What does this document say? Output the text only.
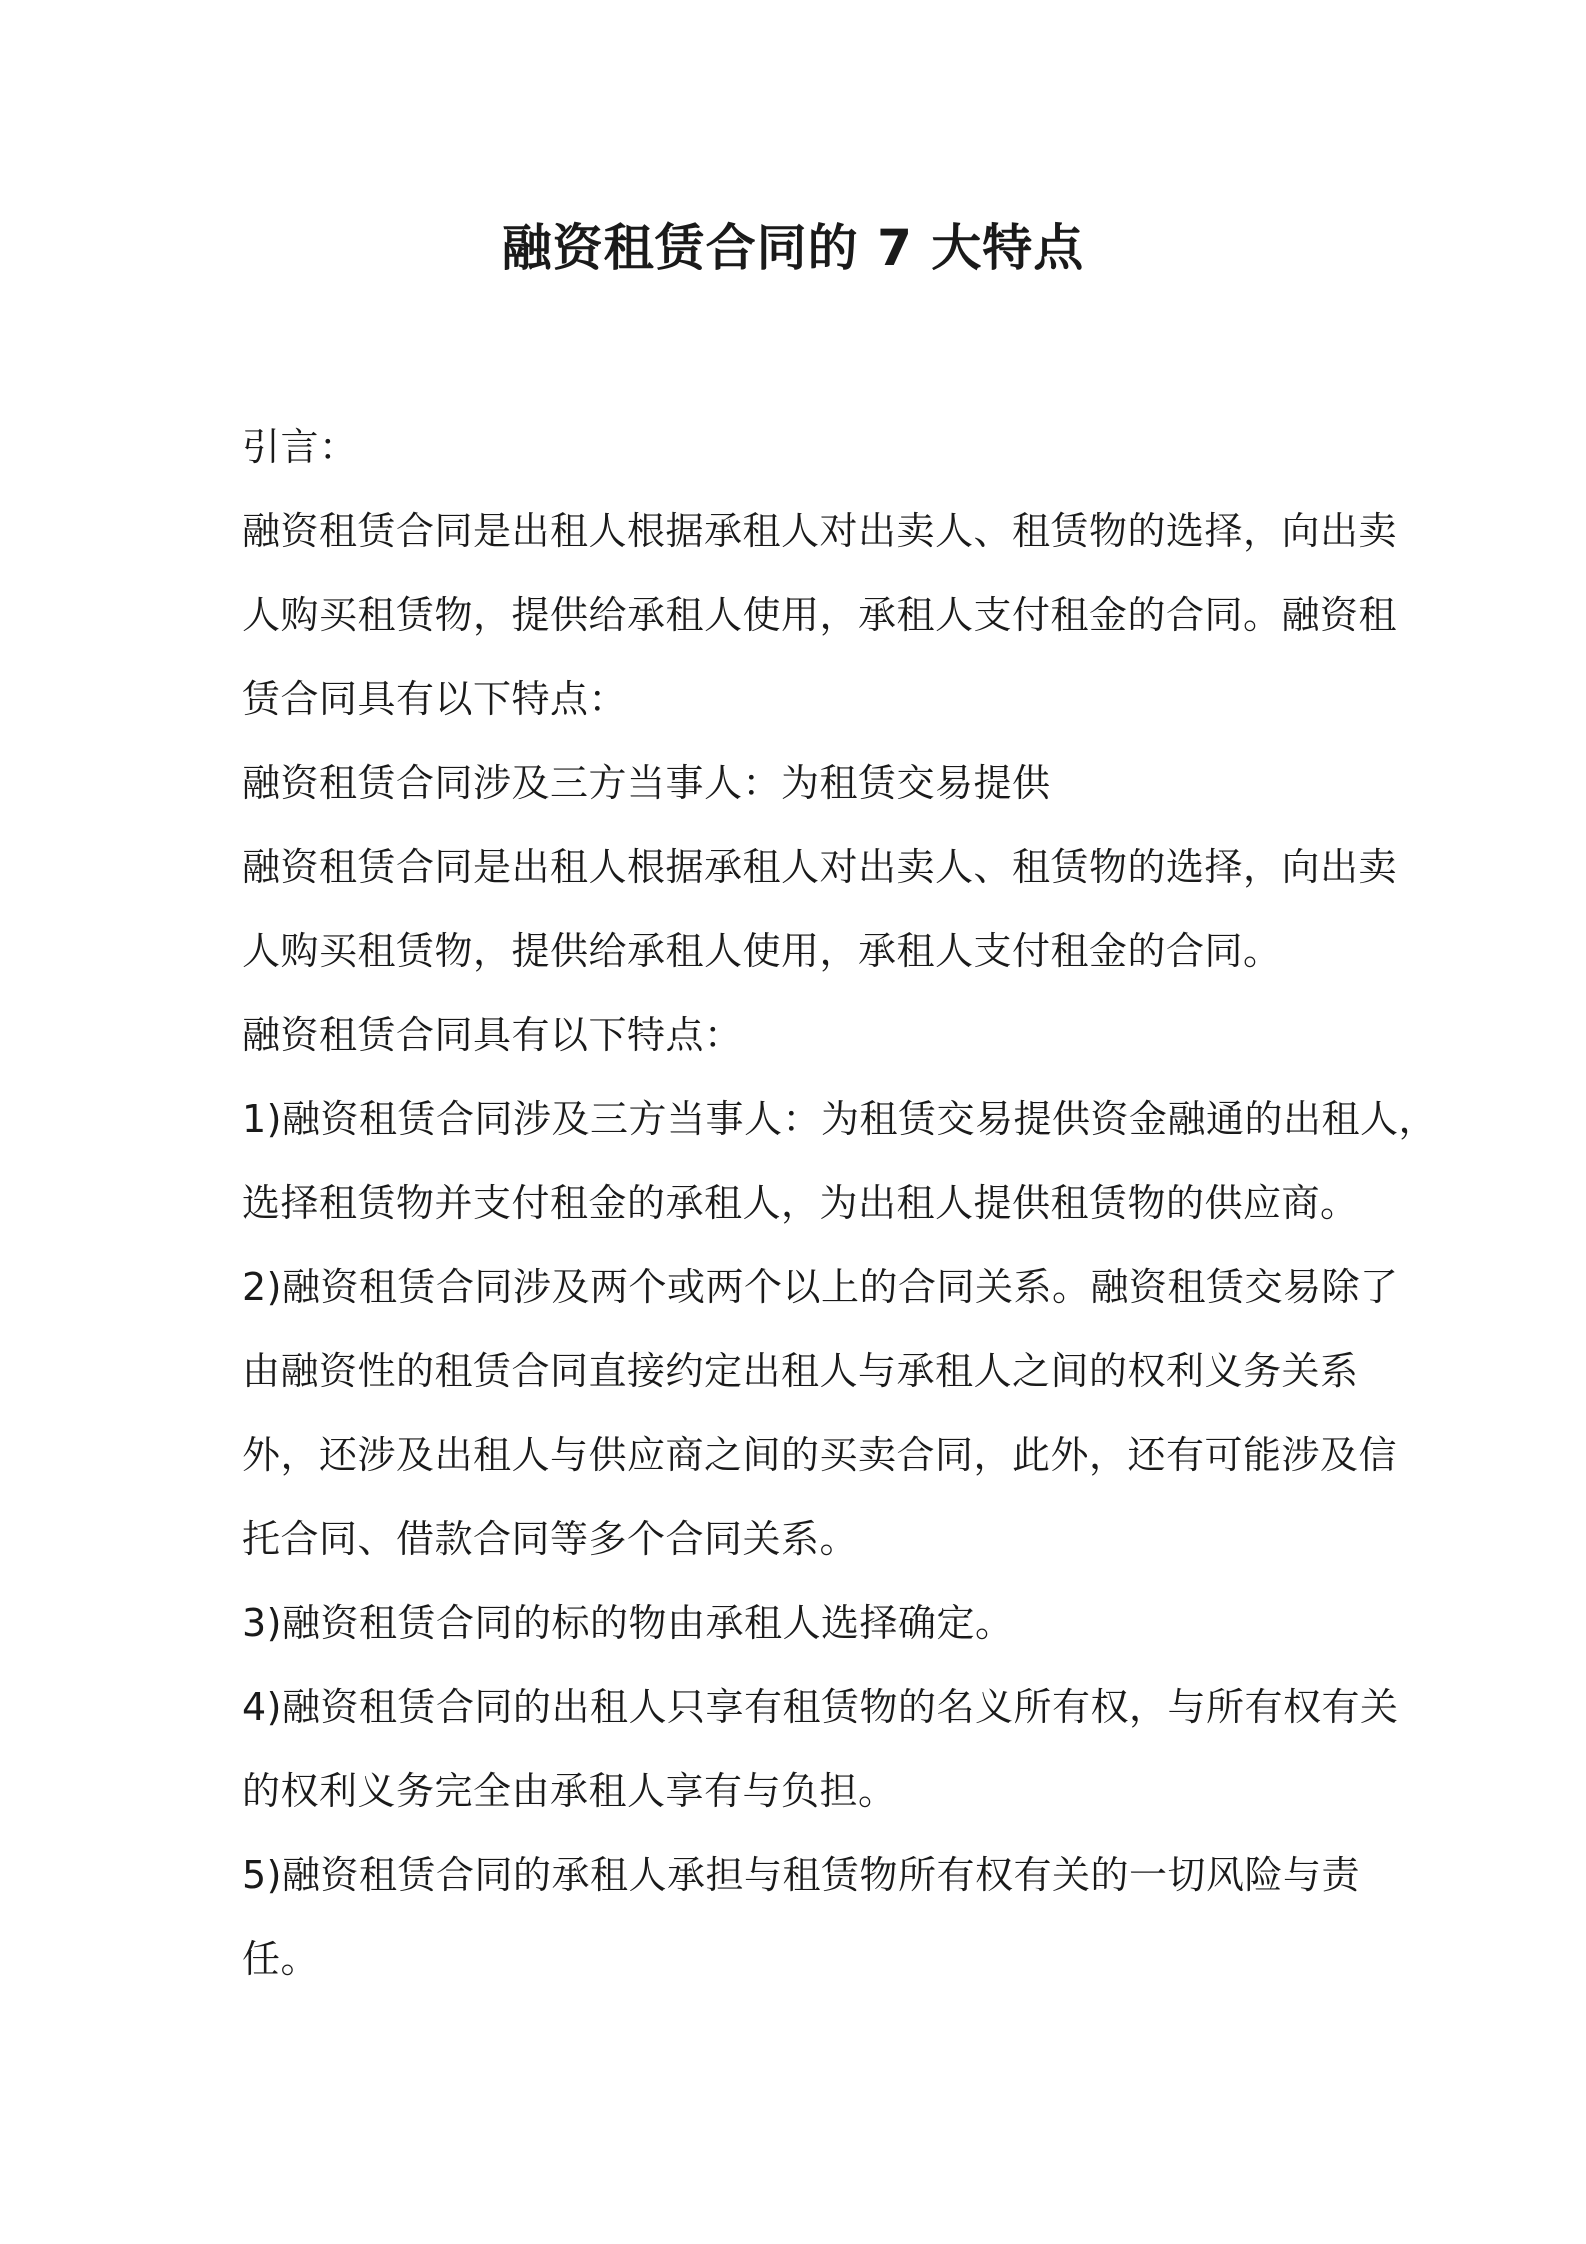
融资租赁合同的 7 大特点

引言：

融资租赁合同是出租人根据承租人对出卖人、租赁物的选择，向出卖
人购买租赁物，提供给承租人使用，承租人支付租金的合同。融资租
赁合同具有以下特点：

融资租赁合同涉及三方当事人：为租赁交易提供

融资租赁合同是出租人根据承租人对出卖人、租赁物的选择，向出卖
人购买租赁物，提供给承租人使用，承租人支付租金的合同。

融资租赁合同具有以下特点：

1)融资租赁合同涉及三方当事人：为租赁交易提供资金融通的出租人，
选择租赁物并支付租金的承租人，为出租人提供租赁物的供应商。

2)融资租赁合同涉及两个或两个以上的合同关系。融资租赁交易除了
由融资性的租赁合同直接约定出租人与承租人之间的权利义务关系
外，还涉及出租人与供应商之间的买卖合同，此外，还有可能涉及信
托合同、借款合同等多个合同关系。

3)融资租赁合同的标的物由承租人选择确定。

4)融资租赁合同的出租人只享有租赁物的名义所有权，与所有权有关
的权利义务完全由承租人享有与负担。

5)融资租赁合同的承租人承担与租赁物所有权有关的一切风险与责
任。
